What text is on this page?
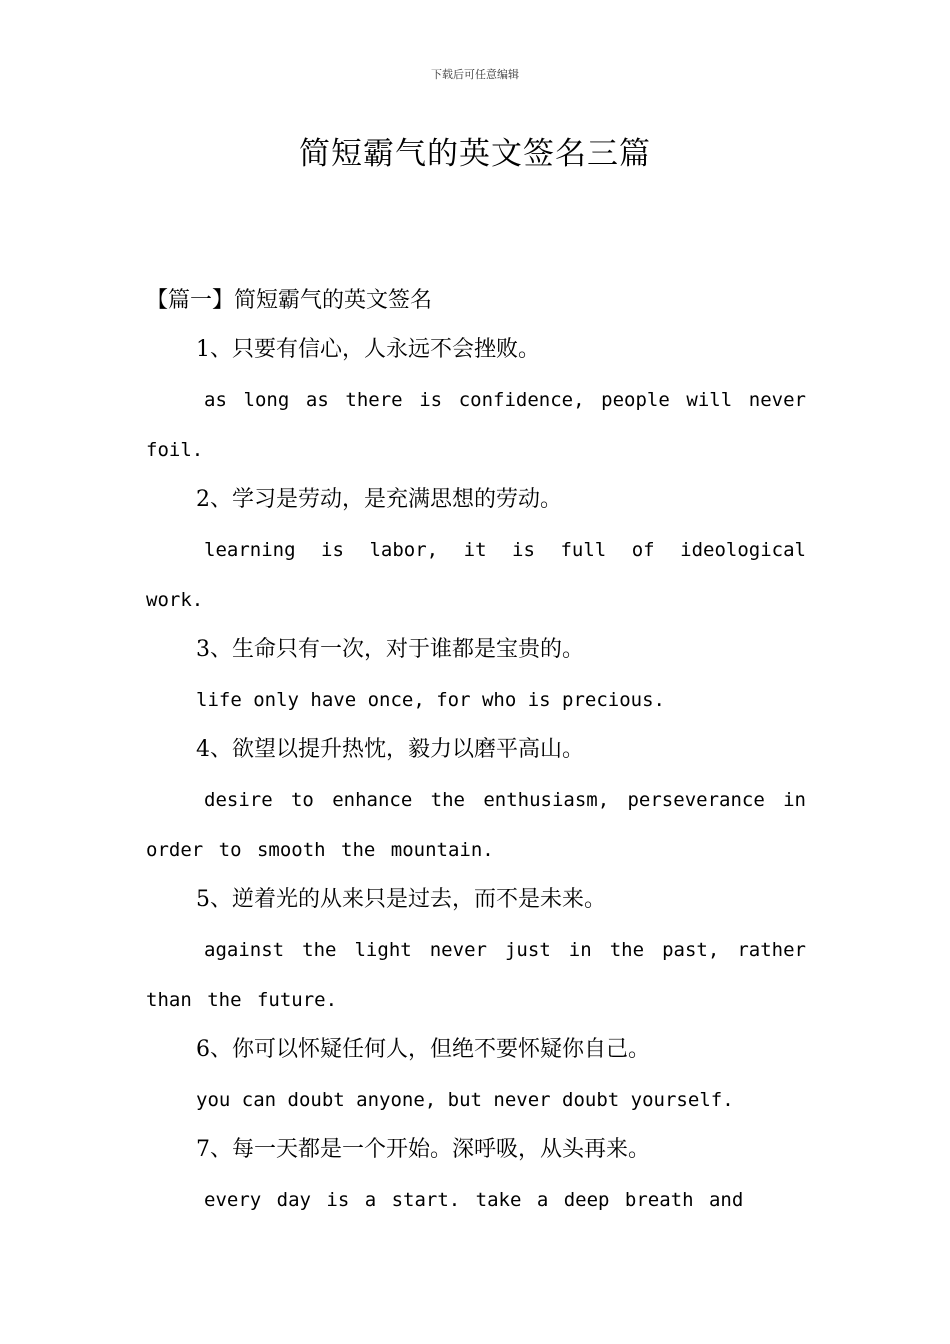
下载后可任意编辑
简短霸气的英文签名三篇
【篇一】简短霸气的英文签名
1、只要有信心，人永远不会挫败。

as long as there is confidence, people will never foil.

2、学习是劳动，是充满思想的劳动。

learning is labor, it is full of ideological work.

3、生命只有一次，对于谁都是宝贵的。

life only have once, for who is precious.

4、欲望以提升热忱，毅力以磨平高山。

desire to enhance the enthusiasm, perseverance in order to smooth the mountain.

5、逆着光的从来只是过去，而不是未来。

against the light never just in the past, rather than the future.

6、你可以怀疑任何人，但绝不要怀疑你自己。

you can doubt anyone, but never doubt yourself.

7、每一天都是一个开始。深呼吸，从头再来。

every day is a start. take a deep breath and
